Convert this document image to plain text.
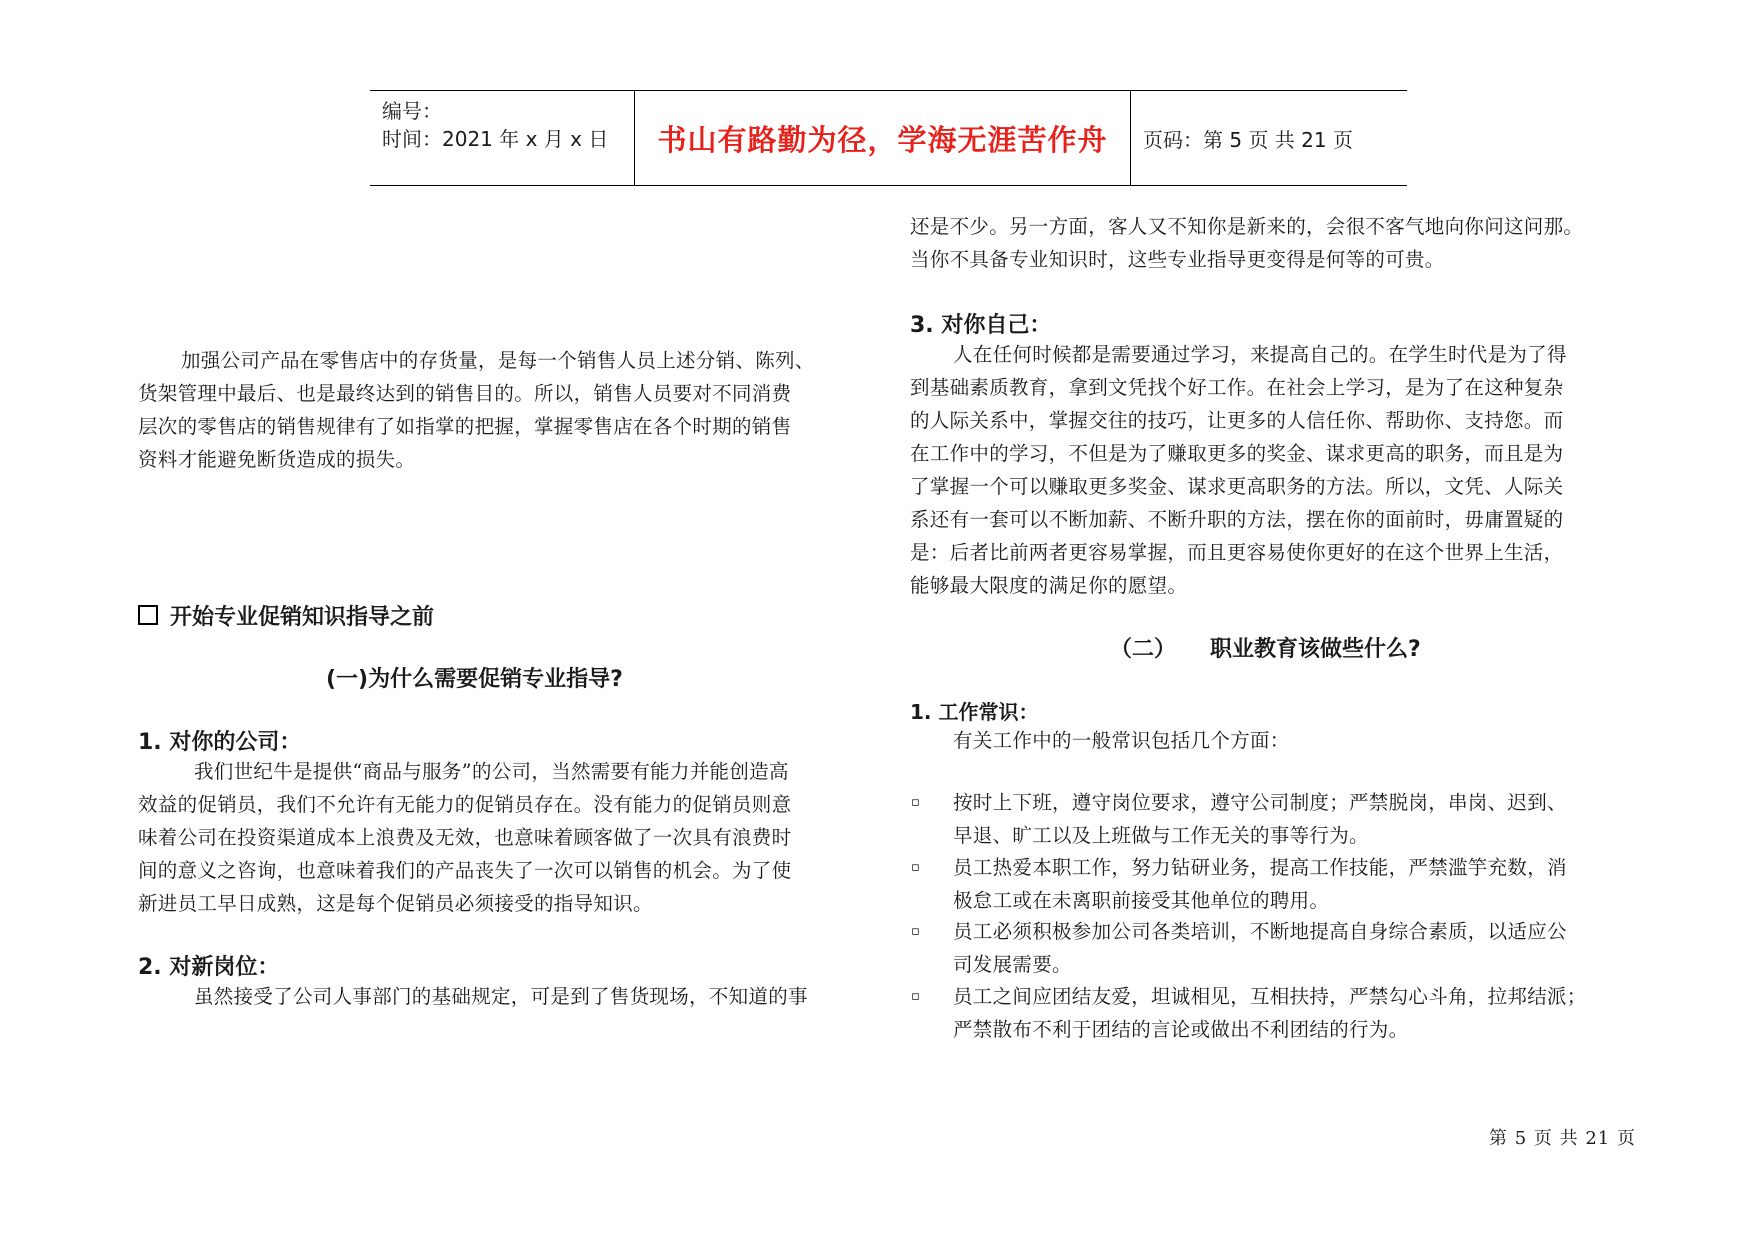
编号：
时间：2021 年 x 月 x 日 书山有路勤为径，学海无涯苦作舟 页码：第 5 页 共 21 页
加强公司产品在零售店中的存货量，是每一个销售人员上述分销、陈列、
货架管理中最后、也是最终达到的销售目的。所以，销售人员要对不同消费
层次的零售店的销售规律有了如指掌的把握，掌握零售店在各个时期的销售
资料才能避免断货造成的损失。
开始专业促销知识指导之前
(一)为什么需要促销专业指导?
1. 对你的公司：
我们世纪牛是提供“商品与服务”的公司，当然需要有能力并能创造高
效益的促销员，我们不允许有无能力的促销员存在。没有能力的促销员则意
味着公司在投资渠道成本上浪费及无效，也意味着顾客做了一次具有浪费时
间的意义之咨询，也意味着我们的产品丧失了一次可以销售的机会。为了使
新进员工早日成熟，这是每个促销员必须接受的指导知识。
2. 对新岗位：
虽然接受了公司人事部门的基础规定，可是到了售货现场，不知道的事
还是不少。另一方面，客人又不知你是新来的，会很不客气地向你问这问那。
当你不具备专业知识时，这些专业指导更变得是何等的可贵。
3. 对你自己：
人在任何时候都是需要通过学习，来提高自己的。在学生时代是为了得
到基础素质教育，拿到文凭找个好工作。在社会上学习，是为了在这种复杂
的人际关系中，掌握交往的技巧，让更多的人信任你、帮助你、支持您。而
在工作中的学习，不但是为了赚取更多的奖金、谋求更高的职务，而且是为
了掌握一个可以赚取更多奖金、谋求更高职务的方法。所以，文凭、人际关
系还有一套可以不断加薪、不断升职的方法，摆在你的面前时，毋庸置疑的
是：后者比前两者更容易掌握，而且更容易使你更好的在这个世界上生活，
能够最大限度的满足你的愿望。
（二） 职业教育该做些什么?
1. 工作常识：
有关工作中的一般常识包括几个方面：
▫ 按时上下班，遵守岗位要求，遵守公司制度；严禁脱岗，串岗、迟到、
早退、旷工以及上班做与工作无关的事等行为。
▫ 员工热爱本职工作，努力钻研业务，提高工作技能，严禁滥竽充数，消
极怠工或在未离职前接受其他单位的聘用。
▫ 员工必须积极参加公司各类培训，不断地提高自身综合素质，以适应公
司发展需要。
▫ 员工之间应团结友爱，坦诚相见，互相扶持，严禁勾心斗角，拉邦结派；
严禁散布不利于团结的言论或做出不利团结的行为。
第 5 页 共 21 页
